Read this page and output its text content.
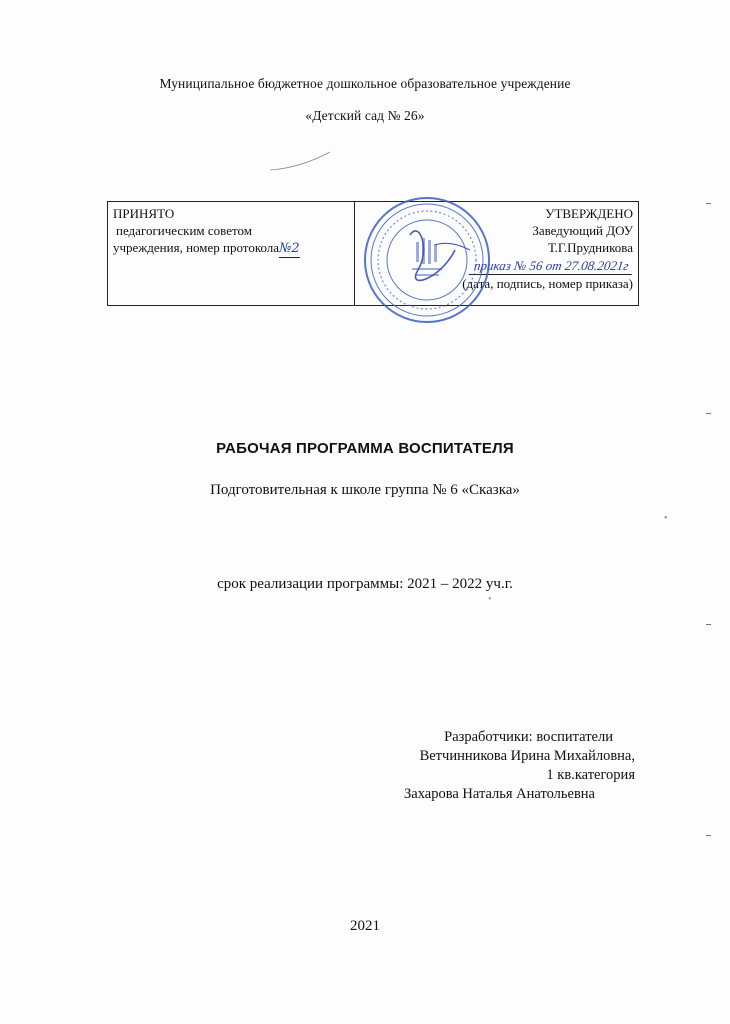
Муниципальное бюджетное дошкольное образовательное учреждение
«Детский сад № 26»
ПРИНЯТО
педагогическим советом
учреждения, номер протокола№2
УТВЕРЖДЕНО
Заведующий ДОУ
Т.Г.Прудникова
приказ № 56 от 27.08.2021г
(дата, подпись, номер приказа)
РАБОЧАЯ ПРОГРАММА ВОСПИТАТЕЛЯ
Подготовительная к школе группа № 6 «Сказка»
срок реализации программы: 2021 – 2022 уч.г.
Разработчики: воспитатели
Ветчинникова Ирина Михайловна,
1 кв.категория
Захарова Наталья Анатольевна
2021
•
•
